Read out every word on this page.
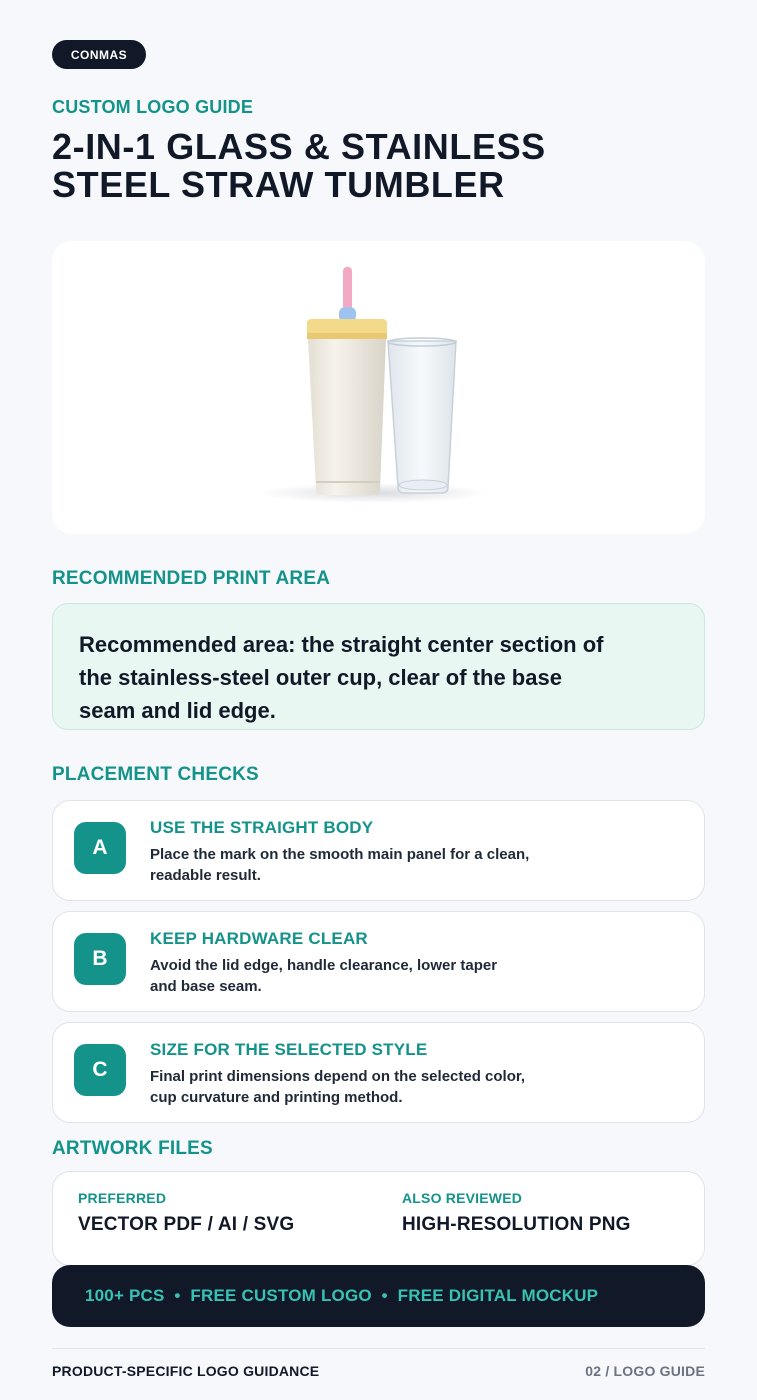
CONMAS
CUSTOM LOGO GUIDE
2-IN-1 GLASS & STAINLESS
STEEL STRAW TUMBLER
RECOMMENDED PRINT AREA
Recommended area: the straight center section of
the stainless-steel outer cup, clear of the base
seam and lid edge.
PLACEMENT CHECKS
A
USE THE STRAIGHT BODY
Place the mark on the smooth main panel for a clean,
readable result.
B
KEEP HARDWARE CLEAR
Avoid the lid edge, handle clearance, lower taper
and base seam.
C
SIZE FOR THE SELECTED STYLE
Final print dimensions depend on the selected color,
cup curvature and printing method.
ARTWORK FILES
PREFERRED
VECTOR PDF / AI / SVG
ALSO REVIEWED
HIGH-RESOLUTION PNG
100+ PCS  •  FREE CUSTOM LOGO  •  FREE DIGITAL MOCKUP
PRODUCT-SPECIFIC LOGO GUIDANCE	02 / LOGO GUIDE
